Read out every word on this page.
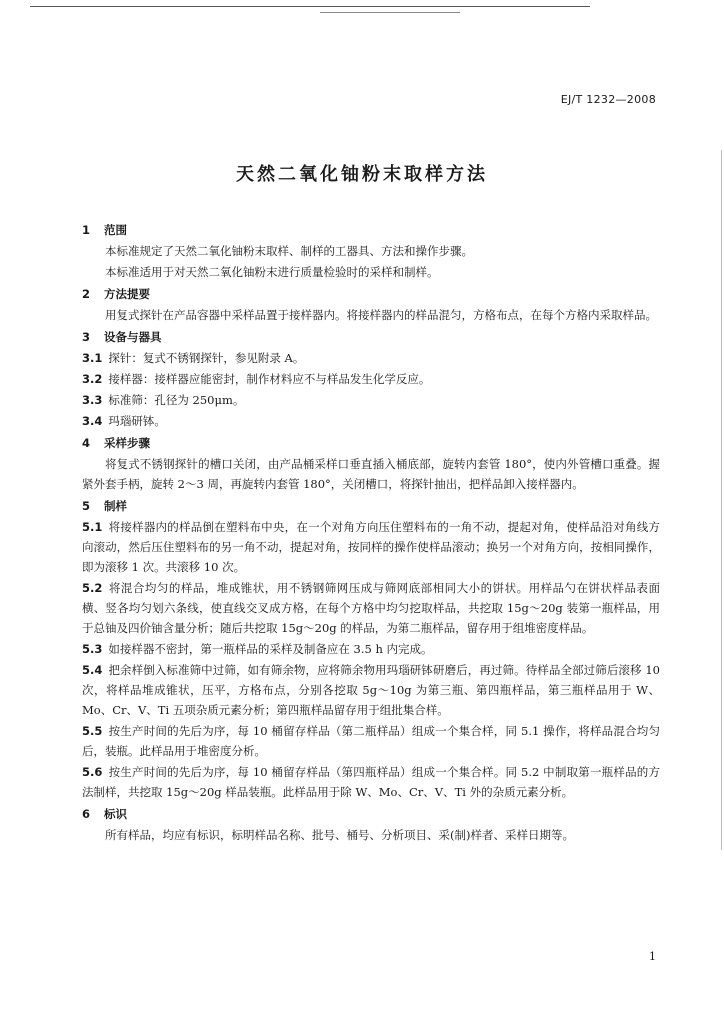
EJ/T 1232—2008
天然二氧化铀粉末取样方法
1 范围
本标准规定了天然二氧化铀粉末取样、制样的工器具、方法和操作步骤。
本标准适用于对天然二氧化铀粉末进行质量检验时的采样和制样。
2 方法提要
用复式探针在产品容器中采样品置于接样器内。将接样器内的样品混匀，方格布点，在每个方格内采取样品。
3 设备与器具
3.1 探针：复式不锈钢探针，参见附录 A。
3.2 接样器：接样器应能密封，制作材料应不与样品发生化学反应。
3.3 标准筛：孔径为 250μm。
3.4 玛瑙研钵。
4 采样步骤
将复式不锈钢探针的槽口关闭，由产品桶采样口垂直插入桶底部，旋转内套管 180°，使内外管槽口重叠。握紧外套手柄，旋转 2～3 周，再旋转内套管 180°，关闭槽口，将探针抽出，把样品卸入接样器内。
5 制样
5.1 将接样器内的样品倒在塑料布中央，在一个对角方向压住塑料布的一角不动，提起对角，使样品沿对角线方向滚动，然后压住塑料布的另一角不动，提起对角，按同样的操作使样品滚动；换另一个对角方向，按相同操作，即为滚移 1 次。共滚移 10 次。
5.2 将混合均匀的样品，堆成锥状，用不锈钢筛网压成与筛网底部相同大小的饼状。用样品勺在饼状样品表面横、竖各均匀划六条线，使直线交叉成方格，在每个方格中均匀挖取样品，共挖取 15g～20g 装第一瓶样品，用于总铀及四价铀含量分析；随后共挖取 15g～20g 的样品，为第二瓶样品，留存用于组堆密度样品。
5.3 如接样器不密封，第一瓶样品的采样及制备应在 3.5 h 内完成。
5.4 把余样倒入标准筛中过筛，如有筛余物，应将筛余物用玛瑙研钵研磨后，再过筛。待样品全部过筛后滚移 10 次，将样品堆成锥状，压平，方格布点，分别各挖取 5g～10g 为第三瓶、第四瓶样品，第三瓶样品用于 W、Mo、Cr、V、Ti 五项杂质元素分析；第四瓶样品留存用于组批集合样。
5.5 按生产时间的先后为序，每 10 桶留存样品（第二瓶样品）组成一个集合样，同 5.1 操作，将样品混合均匀后，装瓶。此样品用于堆密度分析。
5.6 按生产时间的先后为序，每 10 桶留存样品（第四瓶样品）组成一个集合样。同 5.2 中制取第一瓶样品的方法制样，共挖取 15g～20g 样品装瓶。此样品用于除 W、Mo、Cr、V、Ti 外的杂质元素分析。
6 标识
所有样品，均应有标识，标明样品名称、批号、桶号、分析项目、采(制)样者、采样日期等。
1
